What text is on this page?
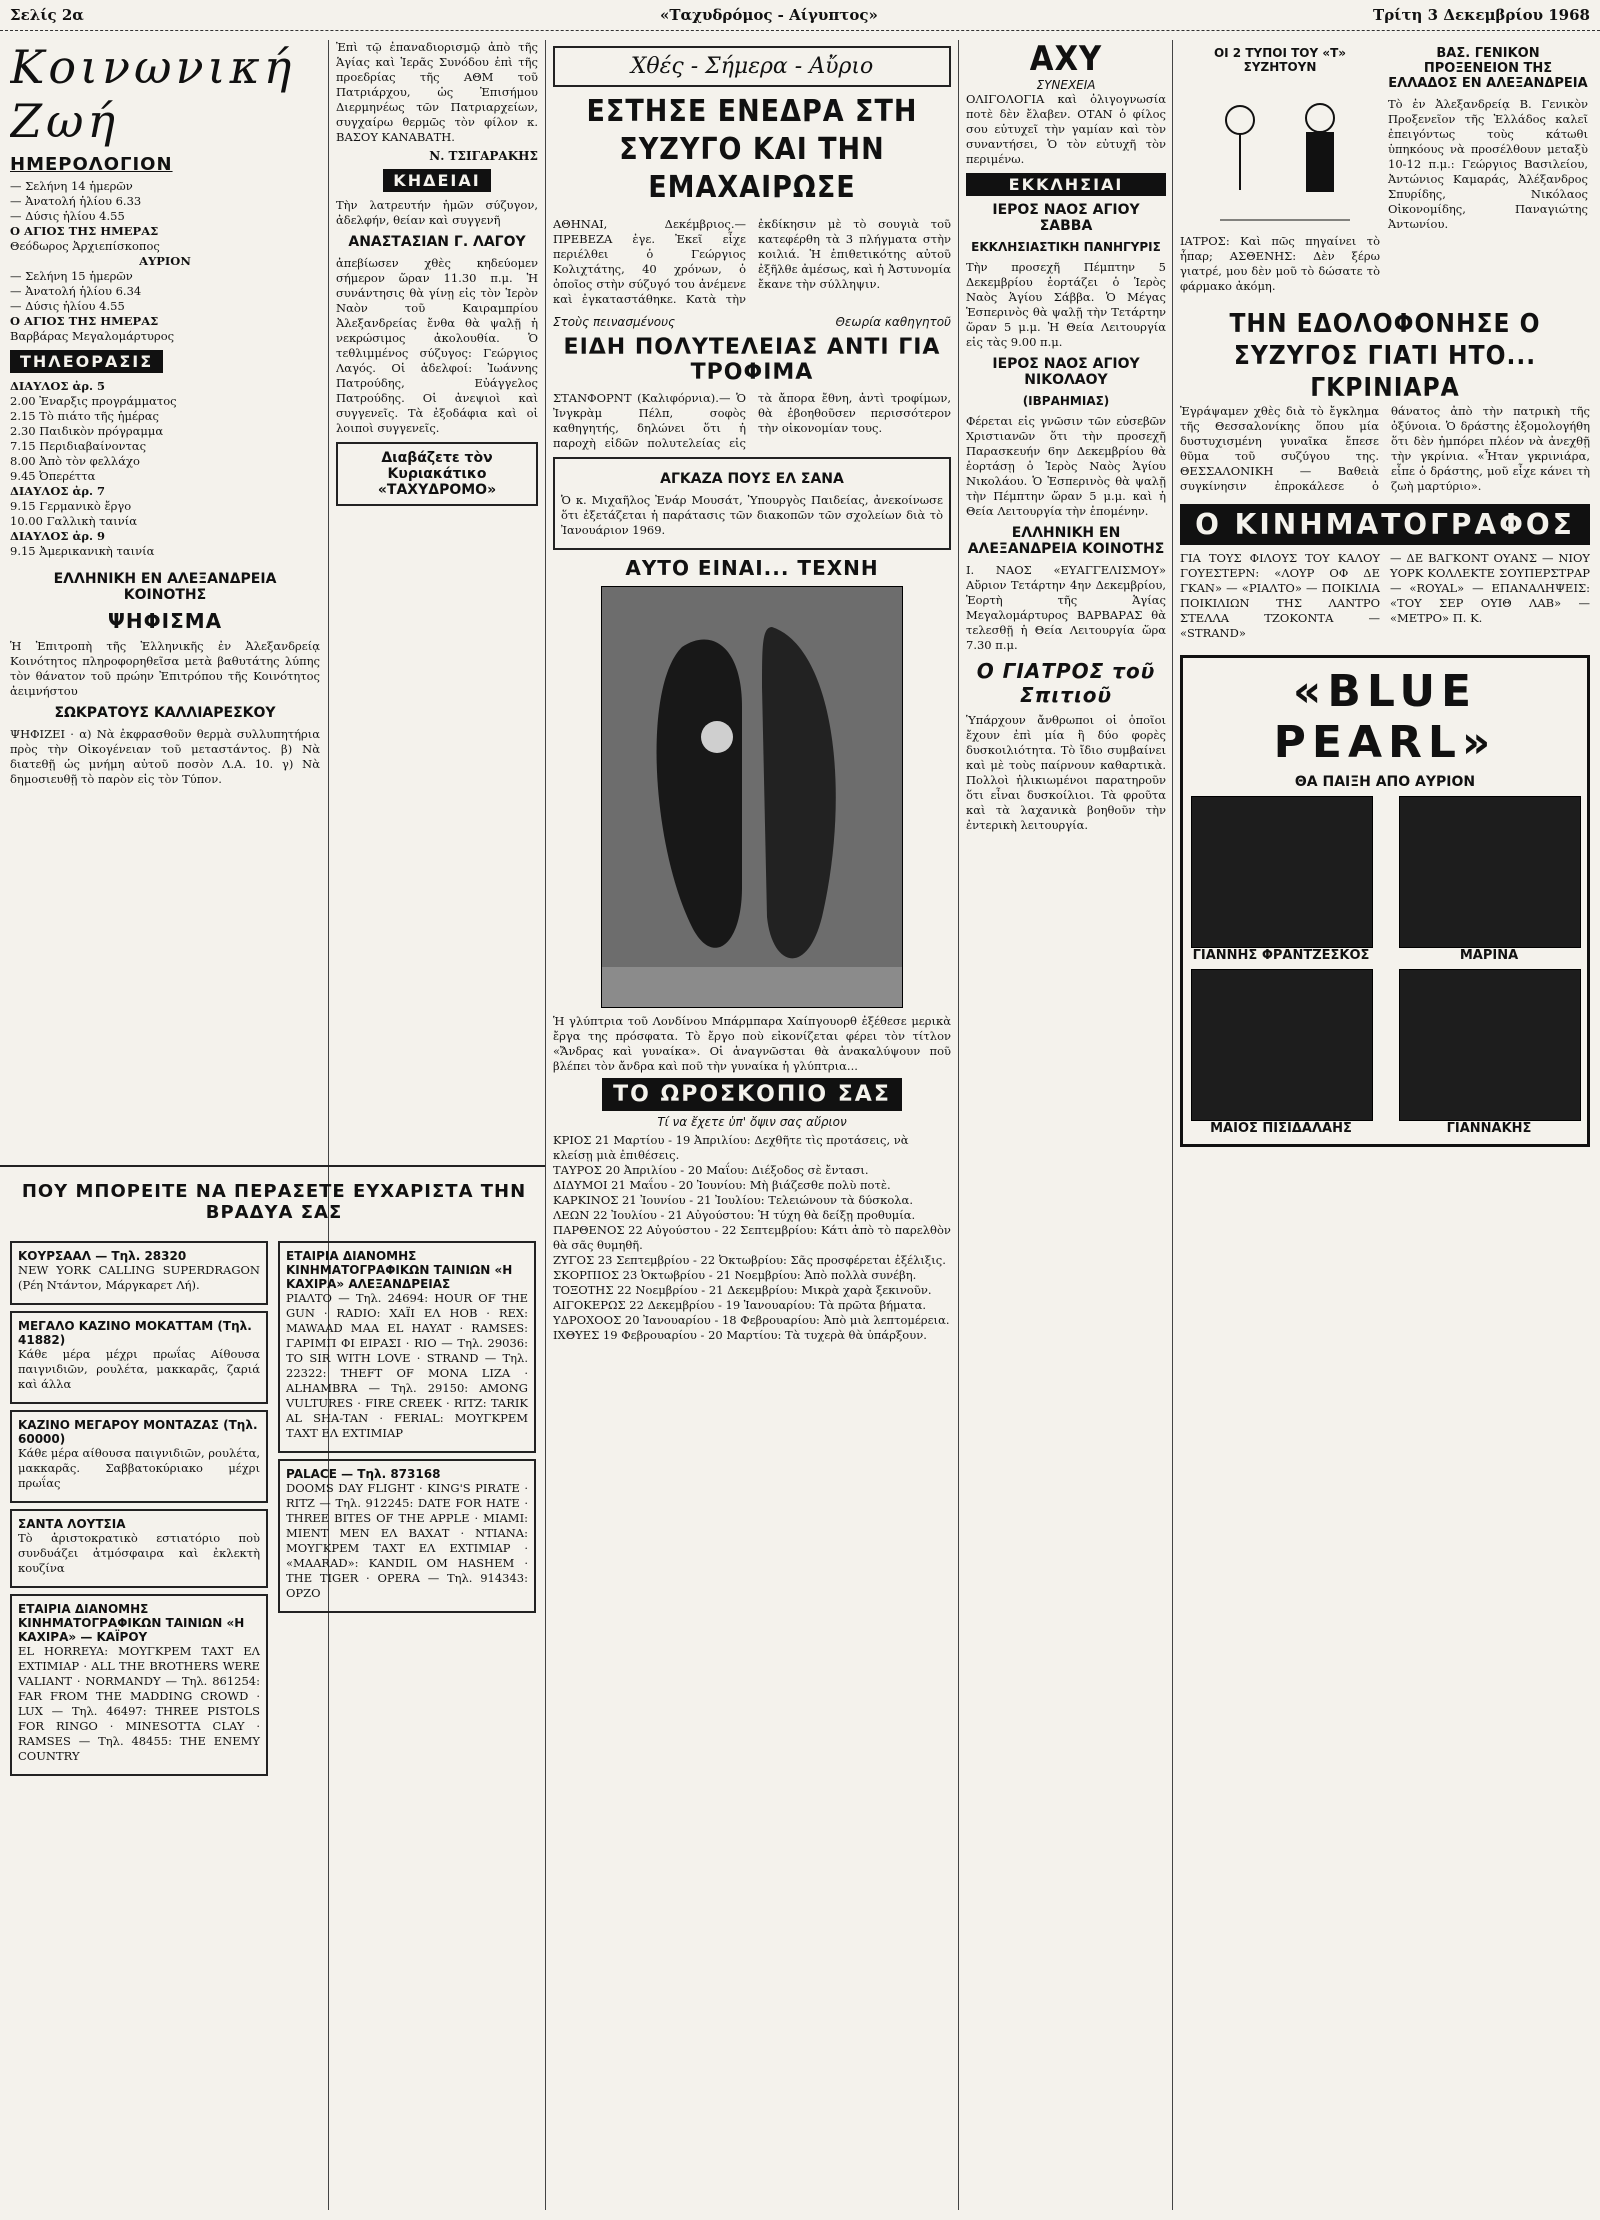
Σελίς 2α	«Ταχυδρόμος - Αίγυπτος»	Τρίτη 3 Δεκεμβρίου 1968
Κοινωνική Ζωή
ΗΜΕΡΟΛΟΓΙΟΝ
— Σελήνη 14 ἡμερῶν
— Ἀνατολή ἡλίου 6.33
— Δύσις ἡλίου 4.55
Ο ΑΓΙΟΣ ΤΗΣ ΗΜΕΡΑΣ
Θεόδωρος Ἀρχιεπίσκοπος
ΑΥΡΙΟΝ
— Σελήνη 15 ἡμερῶν
— Ἀνατολή ἡλίου 6.34
— Δύσις ἡλίου 4.55
Ο ΑΓΙΟΣ ΤΗΣ ΗΜΕΡΑΣ
Βαρβάρας Μεγαλομάρτυρος
ΤΗΛΕΟΡΑΣΙΣ
ΔΙΑΥΛΟΣ ἀρ. 5
2.00 Ἐναρξις προγράμματος
2.15 Τὸ πιάτο τῆς ἡμέρας
2.30 Παιδικὸν πρόγραμμα
7.15 Περιδιαβαίνοντας
8.00 Ἀπὸ τὸν φελλάχο
9.45 Ὀπερέττα
ΔΙΑΥΛΟΣ ἀρ. 7
9.15 Γερμανικὸ ἔργο
10.00 Γαλλικὴ ταινία
ΔΙΑΥΛΟΣ ἀρ. 9
9.15 Ἀμερικανικὴ ταινία
ΕΛΛΗΝΙΚΗ ΕΝ ΑΛΕΞΑΝΔΡΕΙΑ ΚΟΙΝΟΤΗΣ
ΨΗΦΙΣΜΑ

Ἡ Ἐπιτροπὴ τῆς Ἑλληνικῆς ἐν Ἀλεξανδρείᾳ Κοινότητος πληροφορηθεῖσα μετὰ βαθυτάτης λύπης τὸν θάνατον τοῦ πρώην Ἐπιτρόπου τῆς Κοινότητος ἀειμνήστου

ΣΩΚΡΑΤΟΥΣ ΚΑΛΛΙΑΡΕΣΚΟΥ

ΨΗΦΙΖΕΙ · α) Νὰ ἐκφρασθοῦν θερμὰ συλλυπητήρια πρὸς τὴν Οἰκογένειαν τοῦ μεταστάντος. β) Νὰ διατεθῇ ὡς μνήμη αὐτοῦ ποσὸν Λ.Α. 10. γ) Νὰ δημοσιευθῇ τὸ παρὸν εἰς τὸν Τύπον.

Ἐπὶ τῷ ἐπαναδιορισμῷ ἀπὸ τῆς Ἁγίας καὶ Ἱερᾶς Συνόδου ἐπὶ τῆς προεδρίας τῆς ΑΘΜ τοῦ Πατριάρχου, ὡς Ἐπισήμου Διερμηνέως τῶν Πατριαρχείων, συγχαίρω θερμῶς τὸν φίλον κ. ΒΑΣΟΥ ΚΑΝΑΒΑΤΗ.

Ν. ΤΣΙΓΑΡΑΚΗΣ
ΚΗΔΕΙΑΙ

Τὴν λατρευτήν ἡμῶν σύζυγον, ἀδελφήν, θείαν καὶ συγγενῆ

ΑΝΑΣΤΑΣΙΑΝ Γ. ΛΑΓΟΥ

ἀπεβίωσεν χθὲς κηδεύομεν σήμερον ὥραν 11.30 π.μ. Ἡ συνάντησις θὰ γίνῃ εἰς τὸν Ἱερὸν Ναὸν τοῦ Καιραμπρίου Ἀλεξανδρείας ἔνθα θὰ ψαλῇ ἡ νεκρώσιμος ἀκολουθία. Ὁ τεθλιμμένος σύζυγος: Γεώργιος Λαγός. Οἱ ἀδελφοί: Ἰωάννης Πατρούδης, Εὐάγγελος Πατρούδης. Οἱ ἀνεψιοὶ καὶ συγγενεῖς. Τὰ ἐξοδάφια καὶ οἱ λοιποὶ συγγενεῖς.

Διαβάζετε τὸν Κυριακάτικο «ΤΑΧΥΔΡΟΜΟ»
ΠΟΥ ΜΠΟΡΕΙΤΕ ΝΑ ΠΕΡΑΣΕΤΕ ΕΥΧΑΡΙΣΤΑ ΤΗΝ ΒΡΑΔΥΑ ΣΑΣ
ΚΟΥΡΣΑΑΛ — Τηλ. 28320

NEW YORK CALLING SUPERDRAGON (Ρέη Ντάντον, Μάργκαρετ Λή).

ΜΕΓΑΛΟ ΚΑΖΙΝΟ ΜΟΚΑΤΤΑΜ (Τηλ. 41882)

Κάθε μέρα μέχρι πρωΐας Αίθουσα παιγνιδιῶν, ρουλέτα, μακκαρᾶς, ζαριά καὶ άλλα

ΚΑΖΙΝΟ ΜΕΓΑΡΟΥ ΜΟΝΤΑΖΑΣ (Τηλ. 60000)

Κάθε μέρα αίθουσα παιγνιδιῶν, ρουλέτα, μακκαρᾶς. Σαββατοκύριακο μέχρι πρωΐας

ΣΑΝΤΑ ΛΟΥΤΣΙΑ

Τὸ ἀριστοκρατικὸ εστιατόριο ποὺ συνδυάζει ἀτμόσφαιρα καὶ ἐκλεκτὴ κουζίνα

ΕΤΑΙΡΙΑ ΔΙΑΝΟΜΗΣ ΚΙΝΗΜΑΤΟΓΡΑΦΙΚΩΝ ΤΑΙΝΙΩΝ «Η ΚΑΧΙΡΑ» — ΚΑΪΡΟΥ

EL HORREYA: ΜΟΥΓΚΡΕΜ ΤΑΧΤ ΕΛ ΕΧΤΙΜΙΑΡ · ALL THE BROTHERS WERE VALIANT · NORMANDY — Τηλ. 861254: FAR FROM THE MADDING CROWD · LUX — Τηλ. 46497: THREE PISTOLS FOR RINGO · MINESOTTA CLAY · RAMSES — Τηλ. 48455: THE ENEMY COUNTRY

ΕΤΑΙΡΙΑ ΔΙΑΝΟΜΗΣ ΚΙΝΗΜΑΤΟΓΡΑΦΙΚΩΝ ΤΑΙΝΙΩΝ «Η ΚΑΧΙΡΑ» ΑΛΕΞΑΝΔΡΕΙΑΣ

ΡΙΑΛΤΟ — Τηλ. 24694: HOUR OF THE GUN · RADIO: ΧΑΪΙ ΕΛ HOB · REX: MAWAAD MAA EL HAYAT · RAMSES: ΓΑΡΙΜΠ ΦΙ ΕΙΡΑΣΙ · RIO — Τηλ. 29036: TO SIR WITH LOVE · STRAND — Τηλ. 22322: THEFT OF MONA LIZA · ALHAMBRA — Τηλ. 29150: AMONG VULTURES · FIRE CREEK · RITZ: TARIK AL SHA-TAN · FERIAL: ΜΟΥΓΚΡΕΜ ΤΑΧΤ ΕΛ ΕΧΤΙΜΙΑΡ

PALACE — Τηλ. 873168

DOOMS DAY FLIGHT · KING'S PIRATE · RITZ — Τηλ. 912245: DATE FOR HATE · THREE BITES OF THE APPLE · MIAMI: MIENT MEN ΕΛ ΒΑΧΑΤ · NTIANA: ΜΟΥΓΚΡΕΜ ΤΑΧΤ ΕΛ ΕΧΤΙΜΙΑΡ · «MAARAD»: KANDIL OM HASHEM · THE TIGER · OPERA — Τηλ. 914343: ΟΡΖΟ

Χθές - Σήμερα - Αὔριο
ΕΣΤΗΣΕ ΕΝΕΔΡΑ ΣΤΗ ΣΥΖΥΓΟ ΚΑΙ ΤΗΝ ΕΜΑΧΑΙΡΩΣΕ

ΑΘΗΝΑΙ, Δεκέμβριος.— ΠΡΕΒΕΖΑ ἐγε. Ἐκεῖ εἶχε περιέλθει ὁ Γεώργιος Κολιχτάτης, 40 χρόνων, ὁ ὁποῖος στὴν σύζυγό του ἀνέμενε καὶ ἐγκαταστάθηκε. Κατὰ τὴν ἐκδίκησιν μὲ τὸ σουγιὰ τοῦ κατεφέρθη τὰ 3 πλήγματα στὴν κοιλιά. Ἡ ἐπιθετικότης αὐτοῦ ἐξῆλθε ἀμέσως, καὶ ἡ Ἀστυνομία ἔκανε τὴν σύλληψιν.

Στοὺς πεινασμένους	Θεωρία καθηγητοῦ
ΕΙΔΗ ΠΟΛΥΤΕΛΕΙΑΣ ΑΝΤΙ ΓΙΑ ΤΡΟΦΙΜΑ

ΣΤΑΝΦΟΡΝΤ (Καλιφόρνια).— Ὁ Ἰνγκρὰμ Πέλπ, σοφὸς καθηγητής, δηλώνει ὅτι ἡ παροχὴ εἰδῶν πολυτελείας εἰς τὰ ἄπορα ἔθνη, ἀντὶ τροφίμων, θὰ ἐβοηθοῦσεν περισσότερον τὴν οἰκονομίαν τους.

ΑΓΚΑΖΑ ΠΟΥΣ ΕΛ ΣΑΝΑ

Ὁ κ. Μιχαῆλος Ἐνάρ Μουσάτ, Ὑπουργὸς Παιδείας, ἀνεκοίνωσε ὅτι ἐξετάζεται ἡ παράτασις τῶν διακοπῶν τῶν σχολείων διὰ τὸ Ἰανουάριον 1969.

ΑΥΤΟ ΕΙΝΑΙ... ΤΕΧΝΗ

Ἡ γλύπτρια τοῦ Λονδίνου Μπάρμπαρα Χαίπγουορθ ἐξέθεσε μερικὰ ἔργα της πρόσφατα. Τὸ ἔργο ποὺ εἰκονίζεται φέρει τὸν τίτλον «Ἄνδρας καὶ γυναίκα». Οἱ ἀναγνῶσται θὰ ἀνακαλύψουν ποῦ βλέπει τὸν ἄνδρα καὶ ποῦ τὴν γυναίκα ἡ γλύπτρια...

ΤΟ ΩΡΟΣΚΟΠΙΟ ΣΑΣ
Τί να ἔχετε ὑπ' ὄψιν σας αὔριον
ΚΡΙΟΣ 21 Μαρτίου - 19 Ἀπριλίου: Δεχθῆτε τὶς προτάσεις, νὰ κλείσῃ μιὰ ἐπιθέσεις.
ΤΑΥΡΟΣ 20 Ἀπριλίου - 20 Μαΐου: Διέξοδος σὲ ἔντασι.
ΔΙΔΥΜΟΙ 21 Μαΐου - 20 Ἰουνίου: Μὴ βιάζεσθε πολὺ ποτὲ.
ΚΑΡΚΙΝΟΣ 21 Ἰουνίου - 21 Ἰουλίου: Τελειώνουν τὰ δύσκολα.
ΛΕΩΝ 22 Ἰουλίου - 21 Αὐγούστου: Ἡ τύχη θὰ δείξῃ προθυμία.
ΠΑΡΘΕΝΟΣ 22 Αὐγούστου - 22 Σεπτεμβρίου: Κάτι ἀπὸ τὸ παρελθὸν θὰ σᾶς θυμηθῆ.
ΖΥΓΟΣ 23 Σεπτεμβρίου - 22 Ὀκτωβρίου: Σᾶς προσφέρεται ἐξέλιξις.
ΣΚΟΡΠΙΟΣ 23 Ὀκτωβρίου - 21 Νοεμβρίου: Ἀπὸ πολλὰ συνέβη.
ΤΟΞΟΤΗΣ 22 Νοεμβρίου - 21 Δεκεμβρίου: Μικρὰ χαρὰ ξεκινοῦν.
ΑΙΓΟΚΕΡΩΣ 22 Δεκεμβρίου - 19 Ἰανουαρίου: Τὰ πρῶτα βήματα.
ΥΔΡΟΧΟΟΣ 20 Ἰανουαρίου - 18 Φεβρουαρίου: Ἀπὸ μιὰ λεπτομέρεια.
ΙΧΘΥΕΣ 19 Φεβρουαρίου - 20 Μαρτίου: Τὰ τυχερὰ θὰ ὑπάρξουν.
ΑΧΥ
ΣΥΝΕΧΕΙΑ

ΟΛΙΓΟΛΟΓΙΑ καὶ ὀλιγογνωσία ποτὲ δὲν ἔλαβεν. ΟΤΑΝ ὁ φίλος σου εὐτυχεῖ τὴν γαμίαν καὶ τὸν συναντήσει, Ὁ τὸν εὐτυχῆ τὸν περιμένω.

ΕΚΚΛΗΣΙΑΙ
ΙΕΡΟΣ ΝΑΟΣ ΑΓΙΟΥ ΣΑΒΒΑ
ΕΚΚΛΗΣΙΑΣΤΙΚΗ ΠΑΝΗΓΥΡΙΣ

Τὴν προσεχῆ Πέμπτην 5 Δεκεμβρίου ἑορτάζει ὁ Ἱερὸς Ναὸς Ἁγίου Σάββα. Ὁ Μέγας Ἑσπερινὸς θὰ ψαλῇ τὴν Τετάρτην ὥραν 5 μ.μ. Ἡ Θεία Λειτουργία εἰς τὰς 9.00 π.μ.

ΙΕΡΟΣ ΝΑΟΣ ΑΓΙΟΥ ΝΙΚΟΛΑΟΥ
(ΙΒΡΑΗΜΙΑΣ)

Φέρεται εἰς γνῶσιν τῶν εὐσεβῶν Χριστιανῶν ὅτι τὴν προσεχῆ Παρασκευήν 6ην Δεκεμβρίου θὰ ἑορτάσῃ ὁ Ἱερὸς Ναὸς Ἁγίου Νικολάου. Ὁ Ἑσπερινὸς θὰ ψαλῇ τὴν Πέμπτην ὥραν 5 μ.μ. καὶ ἡ Θεία Λειτουργία τὴν ἑπομένην.

ΕΛΛΗΝΙΚΗ ΕΝ ΑΛΕΞΑΝΔΡΕΙΑ ΚΟΙΝΟΤΗΣ

Ι. ΝΑΟΣ «ΕΥΑΓΓΕΛΙΣΜΟΥ» Αὔριον Τετάρτην 4ην Δεκεμβρίου, Ἑορτὴ τῆς Ἁγίας Μεγαλομάρτυρος ΒΑΡΒΑΡΑΣ θὰ τελεσθῇ ἡ Θεία Λειτουργία ὥρα 7.30 π.μ.

Ο ΓΙΑΤΡΟΣ τοῦ Σπιτιοῦ

Ὑπάρχουν ἄνθρωποι οἱ ὁποῖοι ἔχουν ἐπὶ μία ἢ δύο φορὲς δυσκοιλιότητα. Τὸ ἴδιο συμβαίνει καὶ μὲ τοὺς παίρνουν καθαρτικὰ. Πολλοὶ ἠλικιωμένοι παρατηροῦν ὅτι εἶναι δυσκοίλιοι. Τὰ φροῦτα καὶ τὰ λαχανικὰ βοηθοῦν τὴν ἐντερικὴ λειτουργία.

ΟΙ 2 ΤΥΠΟΙ ΤΟΥ «Τ» ΣΥΖΗΤΟΥΝ

ΙΑΤΡΟΣ: Καὶ πῶς πηγαίνει τὸ ἧπαρ; ΑΣΘΕΝΗΣ: Δὲν ξέρω γιατρέ, μου δὲν μοῦ τὸ δώσατε τὸ φάρμακο ἀκόμη.

ΒΑΣ. ΓΕΝΙΚΟΝ ΠΡΟΞΕΝΕΙΟΝ ΤΗΣ ΕΛΛΑΔΟΣ ΕΝ ΑΛΕΞΑΝΔΡΕΙΑ

Τὸ ἐν Ἀλεξανδρείᾳ Β. Γενικὸν Προξενεῖον τῆς Ἑλλάδος καλεῖ ἐπειγόντως τοὺς κάτωθι ὑπηκόους νὰ προσέλθουν μεταξὺ 10-12 π.μ.: Γεώργιος Βασιλείου, Ἀντώνιος Καμαράς, Ἀλέξανδρος Σπυρίδης, Νικόλαος Οἰκονομίδης, Παναγιώτης Ἀντωνίου.

ΤΗΝ ΕΔΟΛΟΦΟΝΗΣΕ Ο ΣΥΖΥΓΟΣ ΓΙΑΤΙ ΗΤΟ... ΓΚΡΙΝΙΑΡΑ

Ἐγράψαμεν χθὲς διὰ τὸ ἔγκλημα τῆς Θεσσαλονίκης ὅπου μία δυστυχισμένη γυναῖκα ἔπεσε θῦμα τοῦ συζύγου της. ΘΕΣΣΑΛΟΝΙΚΗ — Βαθειὰ συγκίνησιν ἐπροκάλεσε ὁ θάνατος ἀπὸ τὴν πατρικὴ τῆς ὀξύνοια. Ὁ δράστης ἐξομολογήθη ὅτι δὲν ἠμπόρει πλέον νὰ ἀνεχθῇ τὴν γκρίνια. «Ἦταν γκρινιάρα, εἶπε ὁ δράστης, μοῦ εἶχε κάνει τὴ ζωὴ μαρτύριο».

Ο ΚΙΝΗΜΑΤΟΓΡΑΦΟΣ

ΓΙΑ ΤΟΥΣ ΦΙΛΟΥΣ ΤΟΥ ΚΑΛΟΥ ΓΟΥΕΣΤΕΡΝ: «ΛΟΥΡ ΟΦ ΔΕ ΓΚΑΝ» — «ΡΙΑΛΤΟ» — ΠΟΙΚΙΛΙΑ ΠΟΙΚΙΛΙΩΝ ΤΗΣ ΛΑΝΤΡΟ ΣΤΕΛΛΑ ΤΖΟΚΟΝΤΑ — «STRAND»

— ΔΕ ΒΑΓΚΟΝΤ ΟΥΑΝΣ — ΝΙΟΥ ΥΟΡΚ ΚΟΛΛΕΚΤΕ ΣΟΥΠΕΡΣΤΡΑΡ — «ROYAL» — ΕΠΑΝΑΛΗΨΕΙΣ: «ΤΟΥ ΣΕΡ ΟΥΙΘ ΛΑΒ» — «ΜΕΤΡΟ» Π. Κ.

«BLUE PEARL»
ΘΑ ΠΑΙΞΗ ΑΠΟ ΑΥΡΙΟΝ
ΓΙΑΝΝΗΣ ΦΡΑΝΤΖΕΣΚΟΣ	ΜΑΡΙΝΑ
ΜΑΙΟΣ ΠΙΣΙΔΑΛΑΗΣ	ΓΙΑΝΝΑΚΗΣ
